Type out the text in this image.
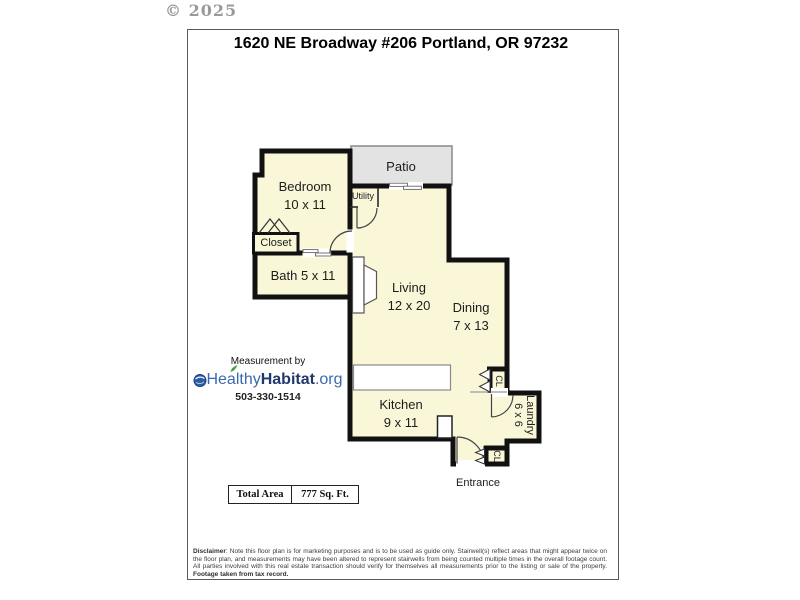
© 2025
1620 NE Broadway #206 Portland, OR 97232
Patio
Bedroom
10 x 11
Closet
Bath 5 x 11
Utility
Living
12 x 20 Dining
7 x 13
Kitchen
9 x 11	Laundry
6 x 6
CL
CL
Entrance
Measurement by
Healthy Habitat .org
503-330-1514
Total Area	777 Sq. Ft.

Disclaimer: Note this floor plan is for marketing purposes and is to be used as guide only. Stairwell(s) reflect areas that might appear twice on the floor plan, and measurements may have been altered to represent stairwells from being counted multiple times in the overall footage count. All parties involved with this real estate transaction should verify for themselves all measurements prior to the listing or sale of the property. Footage taken from tax record.
